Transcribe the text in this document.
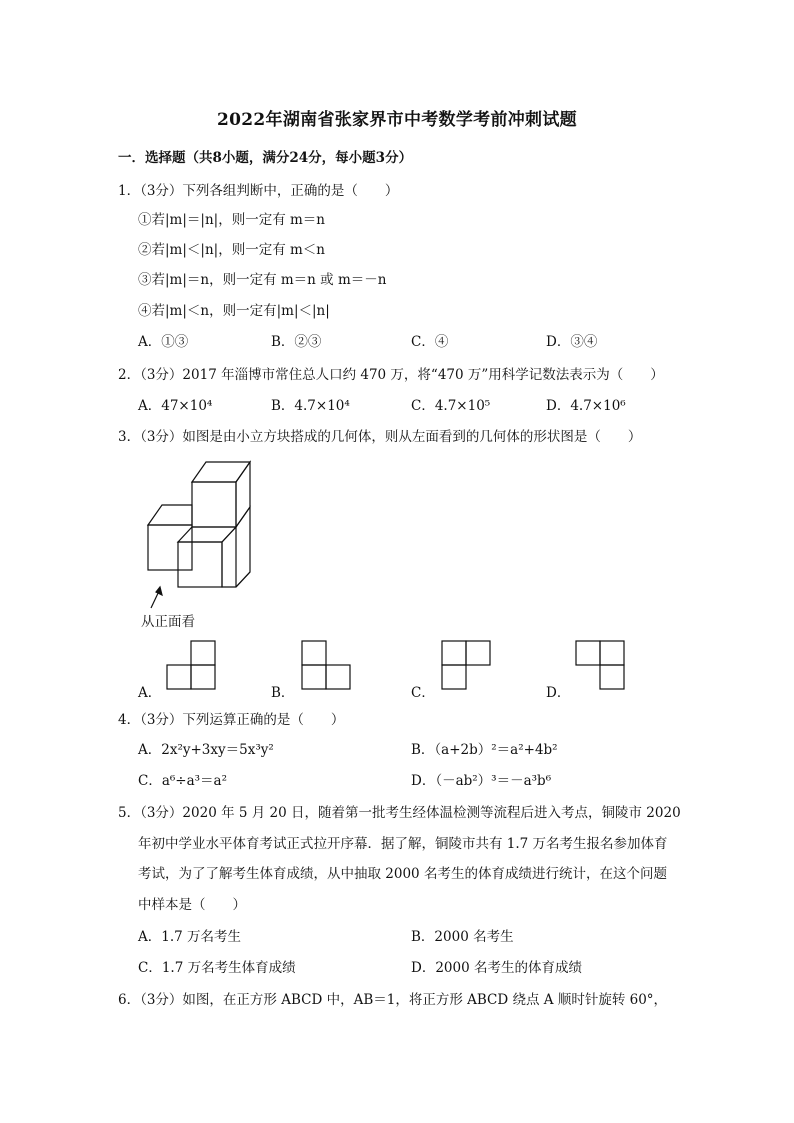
2022年湖南省张家界市中考数学考前冲刺试题
一．选择题（共8小题，满分24分，每小题3分）
1．（3分）下列各组判断中，正确的是（　　）
①若|m|＝|n|，则一定有 m＝n
②若|m|＜|n|，则一定有 m＜n
③若|m|＝n，则一定有 m＝n 或 m＝－n
④若|m|＜n，则一定有|m|＜|n|
A．①③	B．②③	C．④	D．③④
2．（3分）2017 年淄博市常住总人口约 470 万，将“470 万”用科学记数法表示为（　　）
A．47×10⁴	B．4.7×10⁴	C．4.7×10⁵	D．4.7×10⁶
3．（3分）如图是由小立方块搭成的几何体，则从左面看到的几何体的形状图是（　　）
从正面看
A．	B．	C．	D．
4．（3分）下列运算正确的是（　　）
A．2x²y+3xy＝5x³y²	B．（a+2b）²＝a²+4b²
C．a⁶÷a³＝a²	D．（－ab²）³＝－a³b⁶
5．（3分）2020 年 5 月 20 日，随着第一批考生经体温检测等流程后进入考点，铜陵市 2020
年初中学业水平体育考试正式拉开序幕．据了解，铜陵市共有 1.7 万名考生报名参加体育
考试，为了了解考生体育成绩，从中抽取 2000 名考生的体育成绩进行统计，在这个问题
中样本是（　　）
A．1.7 万名考生	B．2000 名考生
C．1.7 万名考生体育成绩	D．2000 名考生的体育成绩
6．（3分）如图，在正方形 ABCD 中，AB＝1，将正方形 ABCD 绕点 A 顺时针旋转 60°，
